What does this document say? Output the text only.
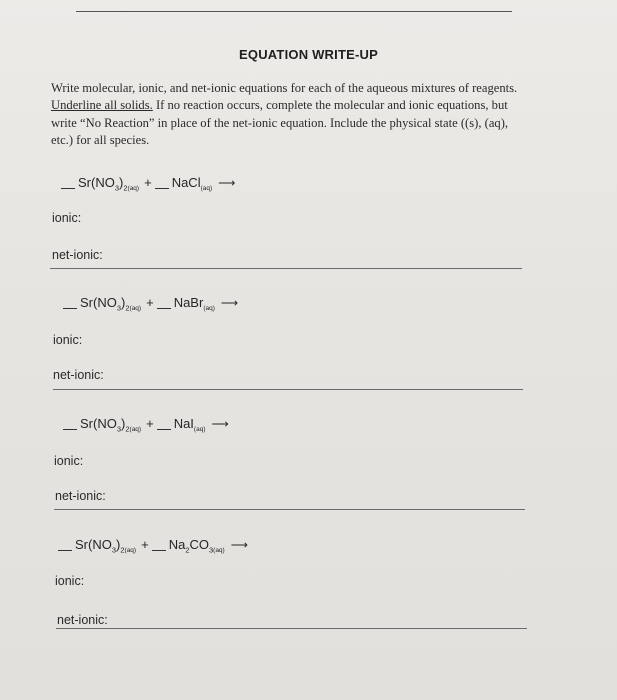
EQUATION WRITE-UP
Write molecular, ionic, and net-ionic equations for each of the aqueous mixtures of reagents. Underline all solids. If no reaction occurs, complete the molecular and ionic equations, but write “No Reaction” in place of the net-ionic equation. Include the physical state ((s), (aq), etc.) for all species.
$Sr(NO_3)_{2(aq)}$ + NaCl$_{(aq)}$ ⟶
ionic:
net-ionic:
$Sr(NO_3)_{2(aq)}$ + NaBr$_{(aq)}$ ⟶
ionic:
net-ionic:
$Sr(NO_3)_{2(aq)} + NaI_{(aq)}$ ⟶
ionic:
net-ionic:
$Sr(NO_3)_{2(aq)} + Na_2CO_{3(aq)}$ ⟶
ionic:
net-ionic:
